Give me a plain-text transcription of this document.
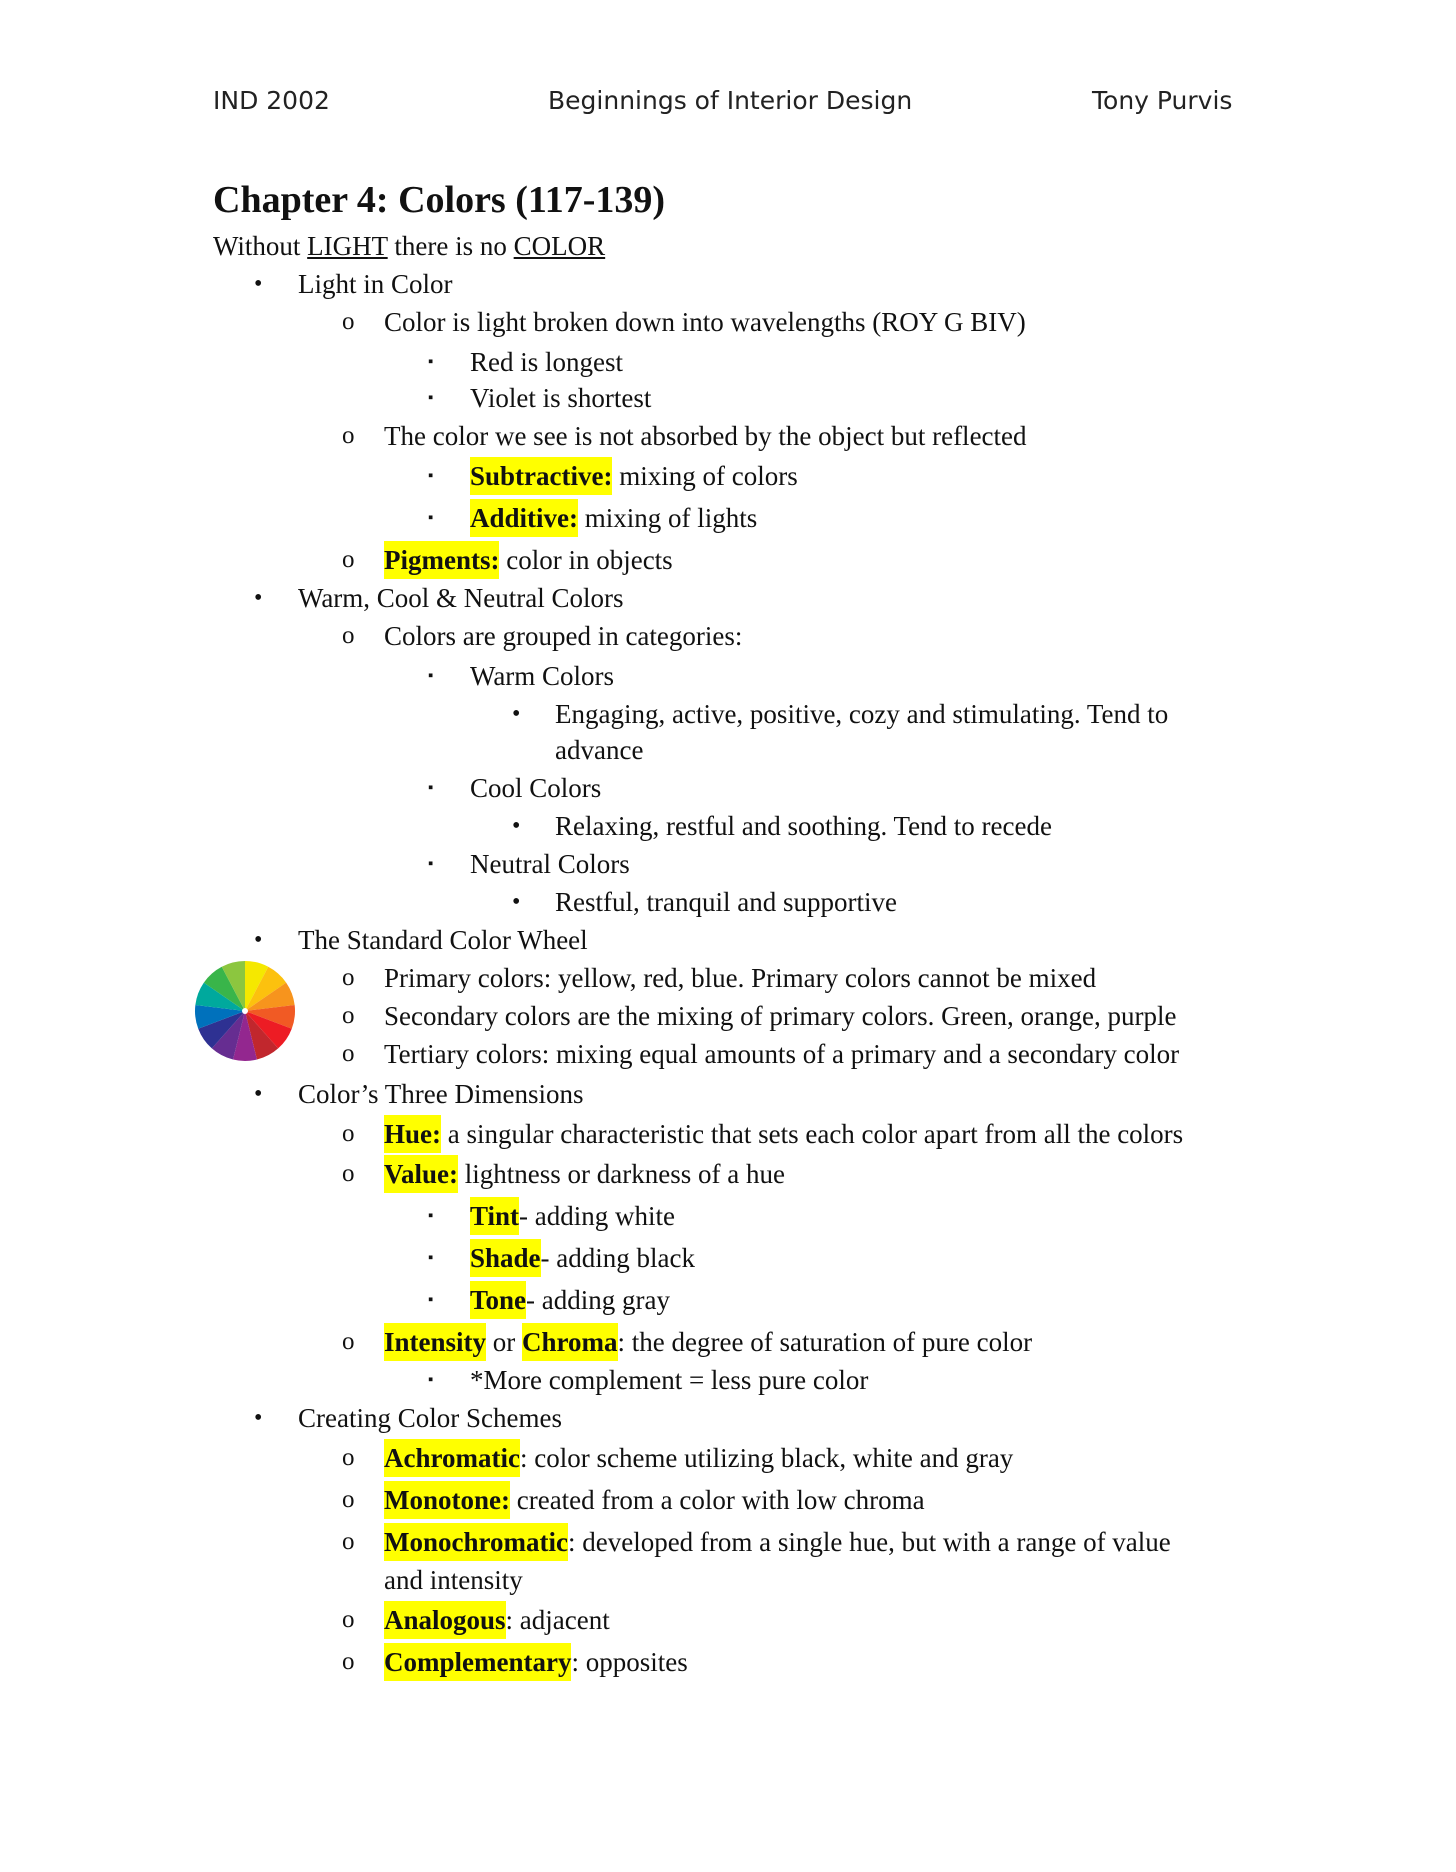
IND 2002	Beginnings of Interior Design	Tony Purvis
Chapter 4: Colors (117-139)
Without LIGHT there is no COLOR
• Light in Color
o Color is light broken down into wavelengths (ROY G BIV)
▪ Red is longest
▪ Violet is shortest
o The color we see is not absorbed by the object but reflected
▪ Subtractive: mixing of colors
▪ Additive: mixing of lights
o Pigments: color in objects
• Warm, Cool & Neutral Colors
o Colors are grouped in categories:
▪ Warm Colors
• Engaging, active, positive, cozy and stimulating. Tend to
advance
▪ Cool Colors
• Relaxing, restful and soothing. Tend to recede
▪ Neutral Colors
• Restful, tranquil and supportive
• The Standard Color Wheel
o Primary colors: yellow, red, blue. Primary colors cannot be mixed
o Secondary colors are the mixing of primary colors. Green, orange, purple
o Tertiary colors: mixing equal amounts of a primary and a secondary color
• Color’s Three Dimensions
o Hue: a singular characteristic that sets each color apart from all the colors
o Value: lightness or darkness of a hue
▪ Tint- adding white
▪ Shade- adding black
▪ Tone- adding gray
o Intensity or Chroma: the degree of saturation of pure color
▪ *More complement = less pure color
• Creating Color Schemes
o Achromatic: color scheme utilizing black, white and gray
o Monotone: created from a color with low chroma
o Monochromatic: developed from a single hue, but with a range of value
and intensity
o Analogous: adjacent
o Complementary: opposites
